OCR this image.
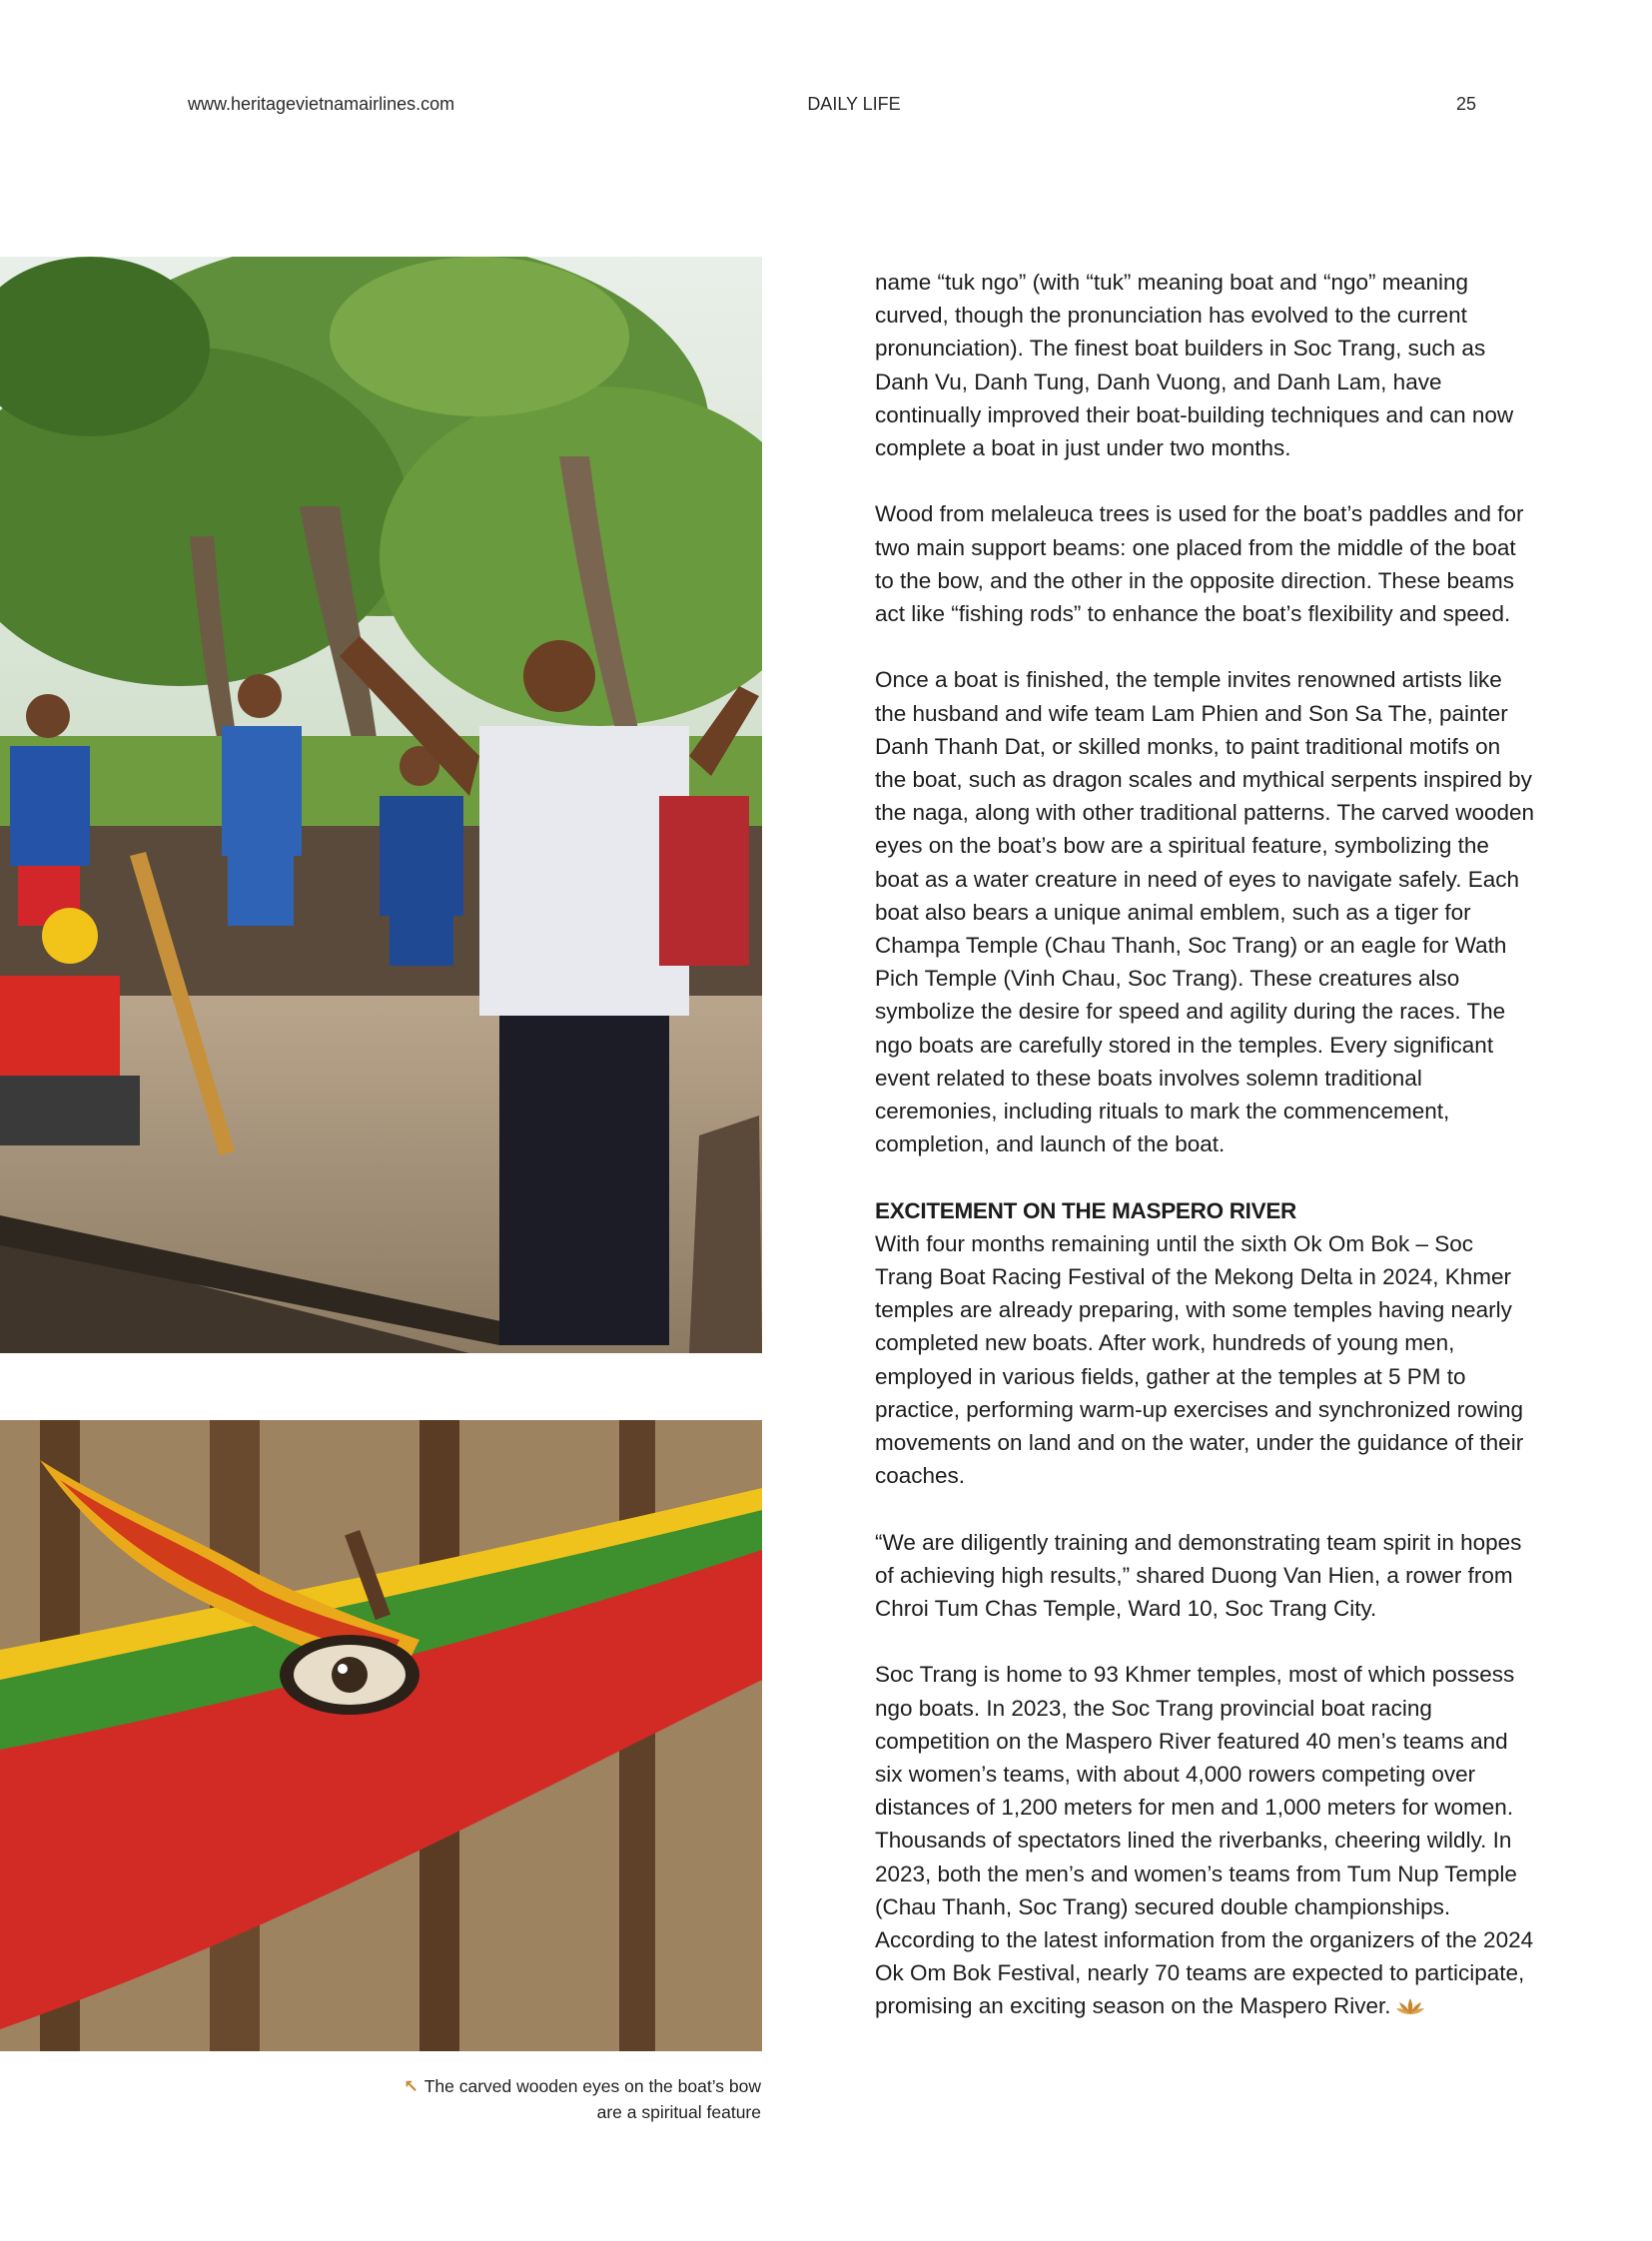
www.heritagevietnamairlines.com	DAILY LIFE	25
↖ The carved wooden eyes on the boat’s bow are a spiritual feature

name “tuk ngo” (with “tuk” meaning boat and “ngo” meaning curved, though the pronunciation has evolved to the current pronunciation). The finest boat builders in Soc Trang, such as Danh Vu, Danh Tung, Danh Vuong, and Danh Lam, have continually improved their boat-building techniques and can now complete a boat in just under two months.

Wood from melaleuca trees is used for the boat’s paddles and for two main support beams: one placed from the middle of the boat to the bow, and the other in the opposite direction. These beams act like “fishing rods” to enhance the boat’s flexibility and speed.

Once a boat is finished, the temple invites renowned artists like the husband and wife team Lam Phien and Son Sa The, painter Danh Thanh Dat, or skilled monks, to paint traditional motifs on the boat, such as dragon scales and mythical serpents inspired by the naga, along with other traditional patterns. The carved wooden eyes on the boat’s bow are a spiritual feature, symbolizing the boat as a water creature in need of eyes to navigate safely. Each boat also bears a unique animal emblem, such as a tiger for Champa Temple (Chau Thanh, Soc Trang) or an eagle for Wath Pich Temple (Vinh Chau, Soc Trang). These creatures also symbolize the desire for speed and agility during the races. The ngo boats are carefully stored in the temples. Every significant event related to these boats involves solemn traditional ceremonies, including rituals to mark the commencement, completion, and launch of the boat.

EXCITEMENT ON THE MASPERO RIVER

With four months remaining until the sixth Ok Om Bok – Soc Trang Boat Racing Festival of the Mekong Delta in 2024, Khmer temples are already preparing, with some temples having nearly completed new boats. After work, hundreds of young men, employed in various fields, gather at the temples at 5 PM to practice, performing warm-up exercises and synchronized rowing movements on land and on the water, under the guidance of their coaches.

“We are diligently training and demonstrating team spirit in hopes of achieving high results,” shared Duong Van Hien, a rower from Chroi Tum Chas Temple, Ward 10, Soc Trang City.

Soc Trang is home to 93 Khmer temples, most of which possess ngo boats. In 2023, the Soc Trang provincial boat racing competition on the Maspero River featured 40 men’s teams and six women’s teams, with about 4,000 rowers competing over distances of 1,200 meters for men and 1,000 meters for women. Thousands of spectators lined the riverbanks, cheering wildly. In 2023, both the men’s and women’s teams from Tum Nup Temple (Chau Thanh, Soc Trang) secured double championships. According to the latest information from the organizers of the 2024 Ok Om Bok Festival, nearly 70 teams are expected to participate, promising an exciting season on the Maspero River.
